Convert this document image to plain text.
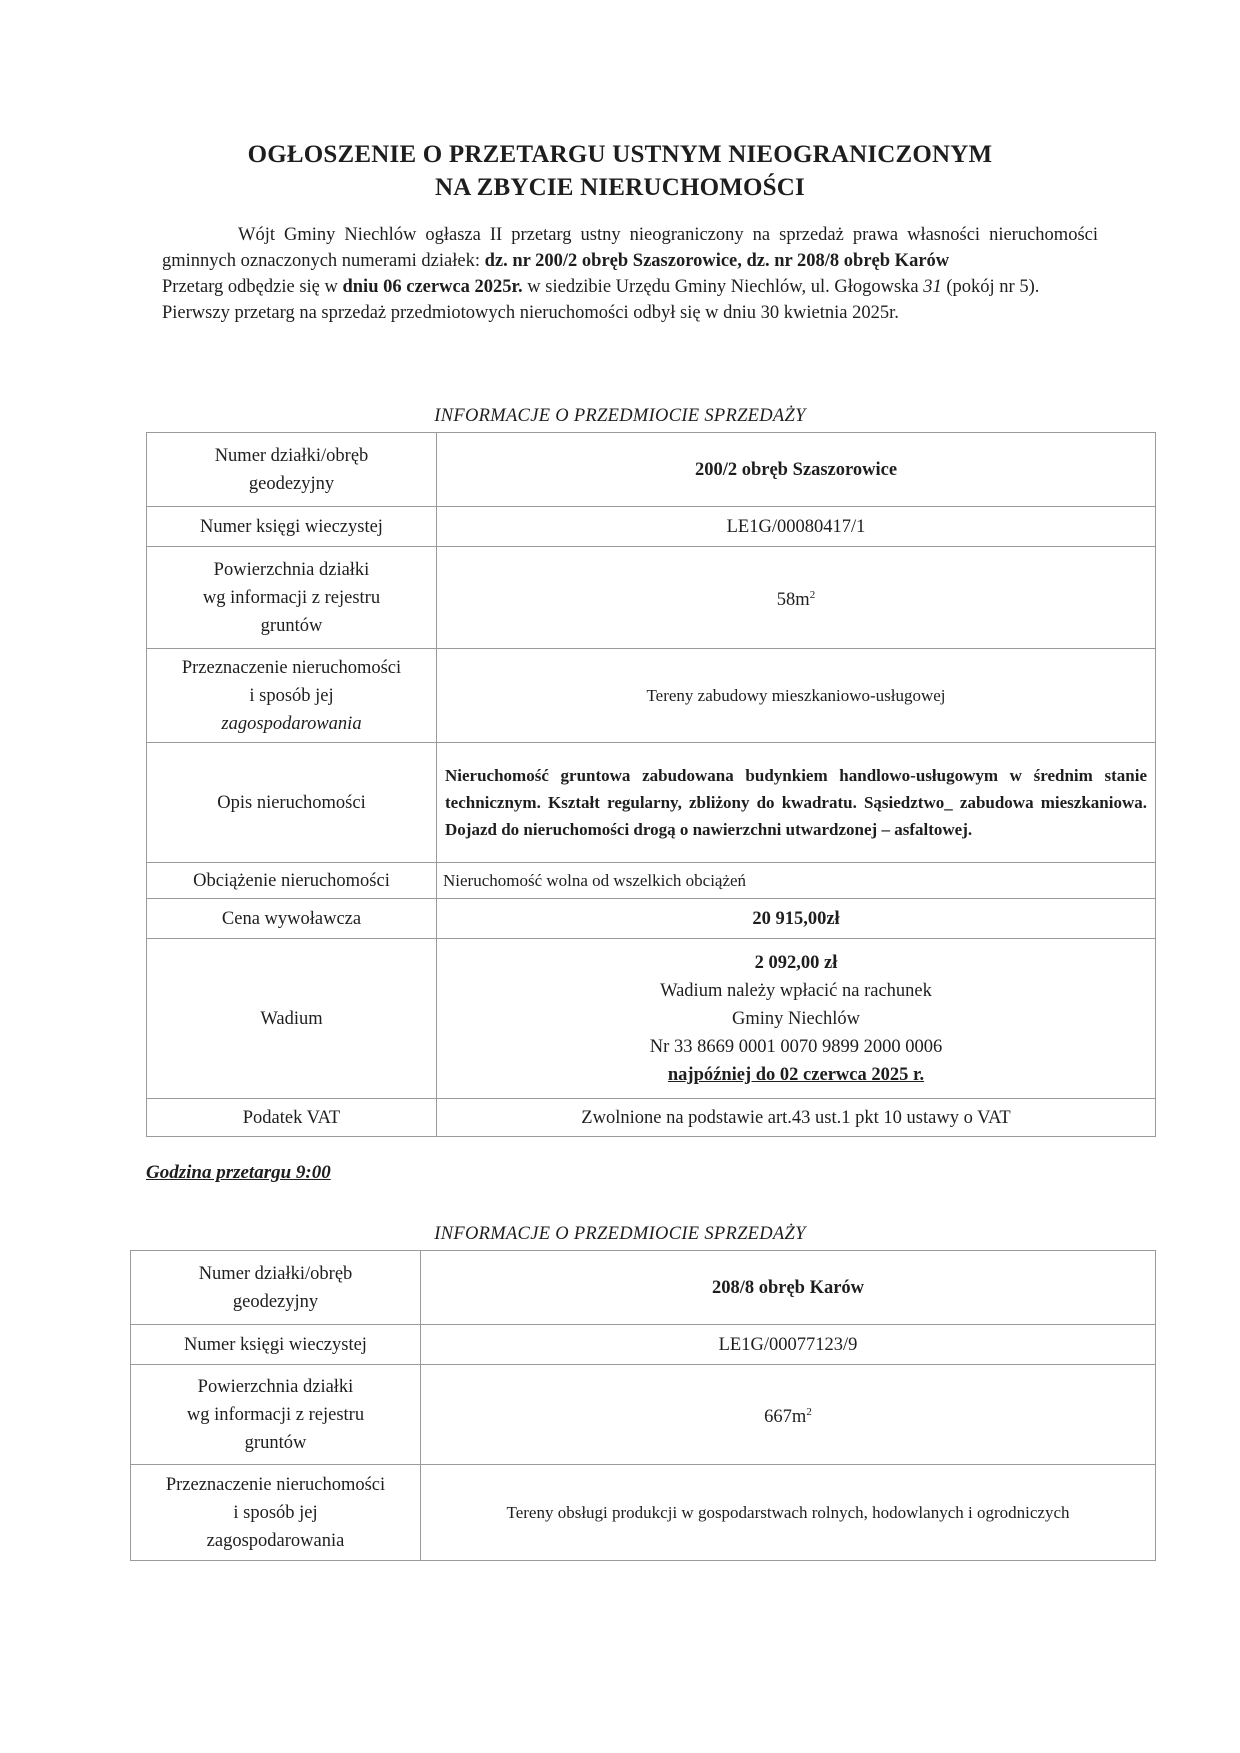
OGŁOSZENIE O PRZETARGU USTNYM NIEOGRANICZONYM
NA ZBYCIE NIERUCHOMOŚCI

Wójt Gminy Niechlów ogłasza II przetarg ustny nieograniczony na sprzedaż prawa własności nieruchomości gminnych oznaczonych numerami działek: dz. nr 200/2 obręb Szaszorowice, dz. nr 208/8 obręb Karów

Przetarg odbędzie się w dniu 06 czerwca 2025r. w siedzibie Urzędu Gminy Niechlów, ul. Głogowska 31 (pokój nr 5).

Pierwszy przetarg na sprzedaż przedmiotowych nieruchomości odbył się w dniu 30 kwietnia 2025r.

INFORMACJE O PRZEDMIOCIE SPRZEDAŻY
Numer działki/obręb
geodezyjny	200/2 obręb Szaszorowice
Numer księgi wieczystej	LE1G/00080417/1

Powierzchnia działki
wg informacji z rejestru
gruntów	$58m^2$

Przeznaczenie nieruchomości
i sposób jej
zagospodarowania	Tereny zabudowy mieszkaniowo-usługowej
Opis nieruchomości	Nieruchomość gruntowa zabudowana budynkiem handlowo-usługowym w średnim stanie technicznym. Kształt regularny, zbliżony do kwadratu. Sąsiedztwo_ zabudowa mieszkaniowa. Dojazd do nieruchomości drogą o nawierzchni utwardzonej – asfaltowej.
Obciążenie nieruchomości	Nieruchomość wolna od wszelkich obciążeń
Cena wywoławcza	20 915,00zł
Wadium	2 092,00 zł
Wadium należy wpłacić na rachunek
Gminy Niechlów
Nr 33 8669 0001 0070 9899 2000 0006
najpóźniej do 02 czerwca 2025 r.

Podatek VAT	Zwolnione na podstawie art.43 ust.1 pkt 10 ustawy o VAT
Godzina przetargu 9:00
INFORMACJE O PRZEDMIOCIE SPRZEDAŻY
Numer działki/obręb
geodezyjny	208/8 obręb Karów
Numer księgi wieczystej	LE1G/00077123/9

Powierzchnia działki
wg informacji z rejestru
gruntów	$667m^2$

Przeznaczenie nieruchomości
i sposób jej
zagospodarowania	Tereny obsługi produkcji w gospodarstwach rolnych, hodowlanych i ogrodniczych
